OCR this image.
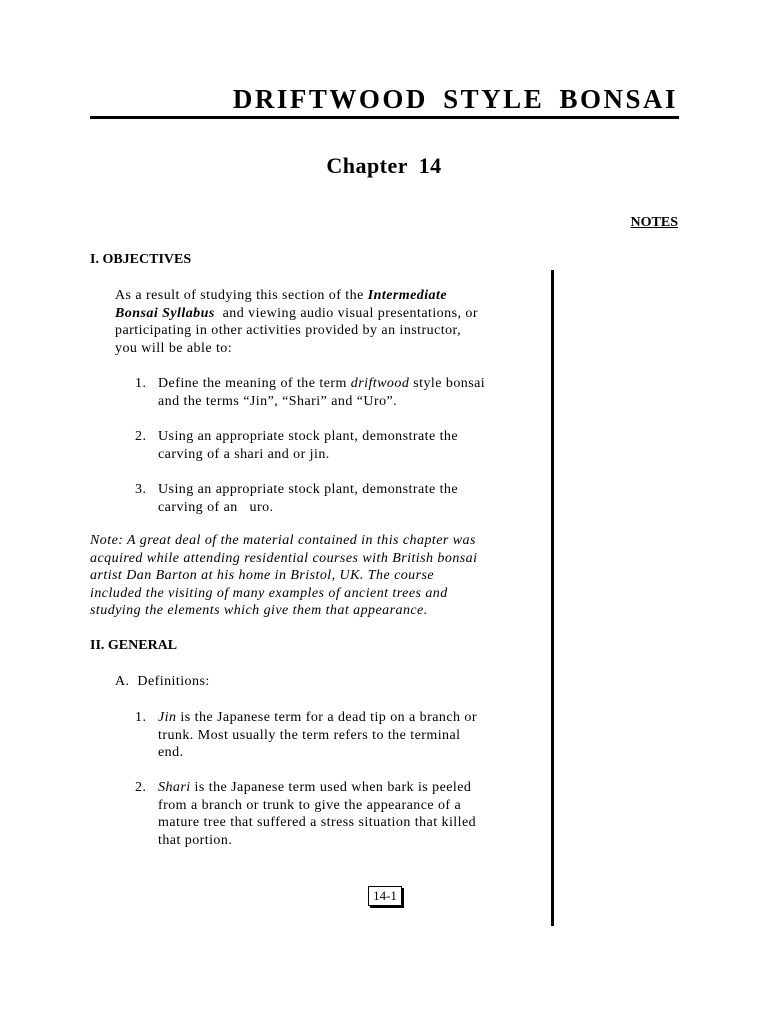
DRIFTWOOD STYLE BONSAI
Chapter 14
NOTES
I. OBJECTIVES
As a result of studying this section of the Intermediate
Bonsai Syllabus and viewing audio visual presentations, or
participating in other activities provided by an instructor,
you will be able to:
1. Define the meaning of the term driftwood style bonsai
and the terms “Jin”, “Shari” and “Uro”.
2. Using an appropriate stock plant, demonstrate the
carving of a shari and or jin.
3. Using an appropriate stock plant, demonstrate the
carving of an   uro.
Note: A great deal of the material contained in this chapter was
acquired while attending residential courses with British bonsai
artist Dan Barton at his home in Bristol, UK. The course
included the visiting of many examples of ancient trees and
studying the elements which give them that appearance.
II. GENERAL
A.  Definitions:
1. Jin is the Japanese term for a dead tip on a branch or
trunk. Most usually the term refers to the terminal
end.
2. Shari is the Japanese term used when bark is peeled
from a branch or trunk to give the appearance of a
mature tree that suffered a stress situation that killed
that portion.
14-1
